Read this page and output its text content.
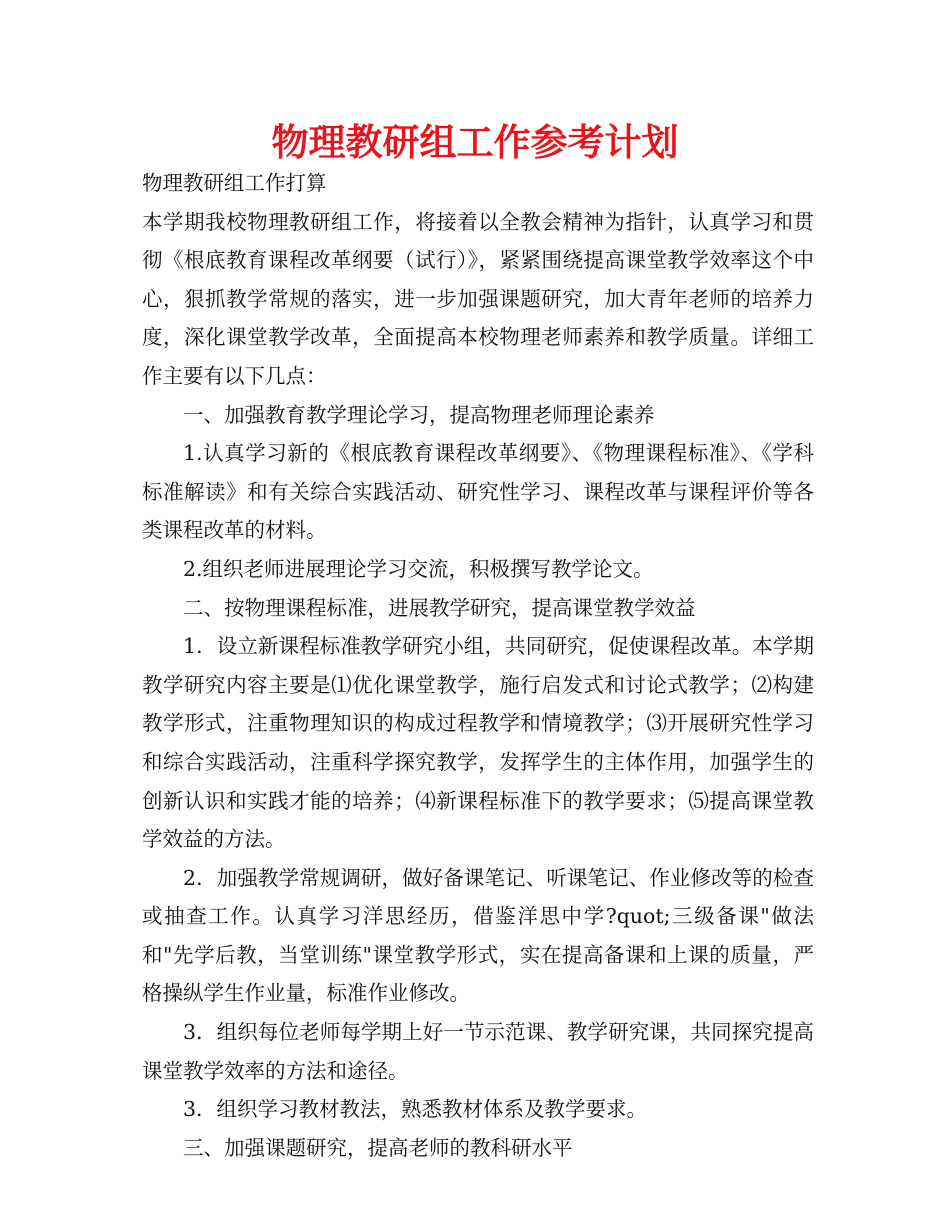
物理教研组工作参考计划

物理教研组工作打算

本学期我校物理教研组工作，将接着以全教会精神为指针，认真学习和贯彻《根底教育课程改革纲要（试行）》，紧紧围绕提高课堂教学效率这个中心，狠抓教学常规的落实，进一步加强课题研究，加大青年老师的培养力度，深化课堂教学改革，全面提高本校物理老师素养和教学质量。详细工作主要有以下几点：

一、加强教育教学理论学习，提高物理老师理论素养

1.认真学习新的《根底教育课程改革纲要》、《物理课程标准》、《学科标准解读》和有关综合实践活动、研究性学习、课程改革与课程评价等各类课程改革的材料。

2.组织老师进展理论学习交流，积极撰写教学论文。

二、按物理课程标准，进展教学研究，提高课堂教学效益

1．设立新课程标准教学研究小组，共同研究，促使课程改革。本学期教学研究内容主要是⑴优化课堂教学，施行启发式和讨论式教学；⑵构建教学形式，注重物理知识的构成过程教学和情境教学；⑶开展研究性学习和综合实践活动，注重科学探究教学，发挥学生的主体作用，加强学生的创新认识和实践才能的培养；⑷新课程标准下的教学要求；⑸提高课堂教学效益的方法。

2．加强教学常规调研，做好备课笔记、听课笔记、作业修改等的检查或抽查工作。认真学习洋思经历，借鉴洋思中学?quot;三级备课"做法和"先学后教，当堂训练"课堂教学形式，实在提高备课和上课的质量，严格操纵学生作业量，标准作业修改。

3．组织每位老师每学期上好一节示范课、教学研究课，共同探究提高课堂教学效率的方法和途径。

3．组织学习教材教法，熟悉教材体系及教学要求。

三、加强课题研究，提高老师的教科研水平
